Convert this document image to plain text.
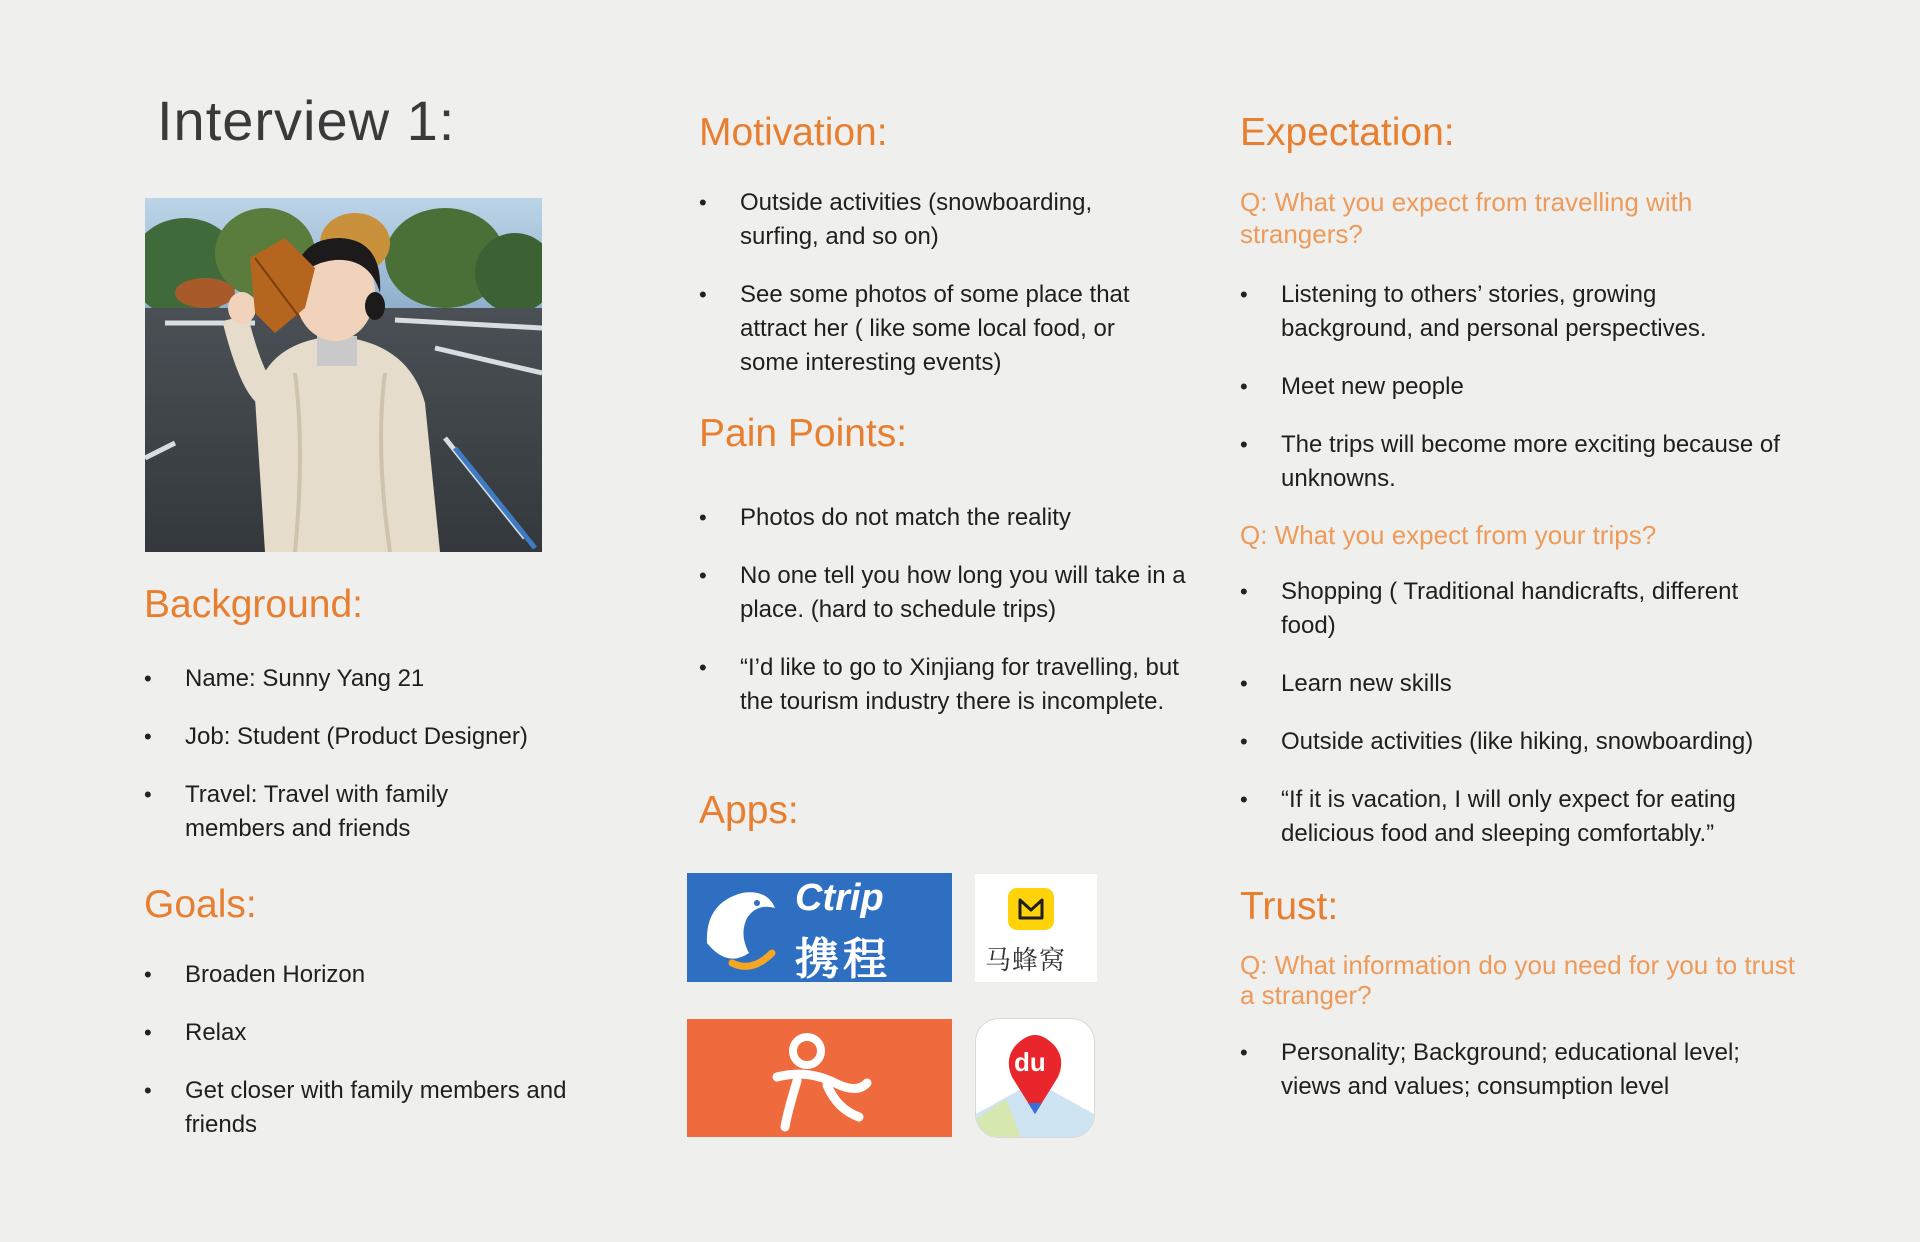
Interview 1:
Background:
• Name: Sunny Yang 21
• Job: Student (Product Designer)
• Travel: Travel with family members and friends
Goals:
• Broaden Horizon
• Relax
• Get closer with family members and friends
Motivation:
• Outside activities (snowboarding, surfing, and so on)
• See some photos of some place that attract her ( like some local food, or some interesting events)
Pain Points:
• Photos do not match the reality
• No one tell you how long you will take in a place. (hard to schedule trips)
• “I’d like to go to Xinjiang for travelling, but the tourism industry there is incomplete.
Apps:
Ctrip
携程	马蜂窝
du
Expectation:

Q: What you expect from travelling with strangers?

• Listening to others’ stories, growing background, and personal perspectives.
• Meet new people
• The trips will become more exciting because of unknowns.

Q: What you expect from your trips?

• Shopping ( Traditional handicrafts, different food)
• Learn new skills
• Outside activities (like hiking, snowboarding)
• “If it is vacation, I will only expect for eating delicious food and sleeping comfortably.”
Trust:

Q: What information do you need for you to trust a stranger?

• Personality; Background; educational level; views and values; consumption level
